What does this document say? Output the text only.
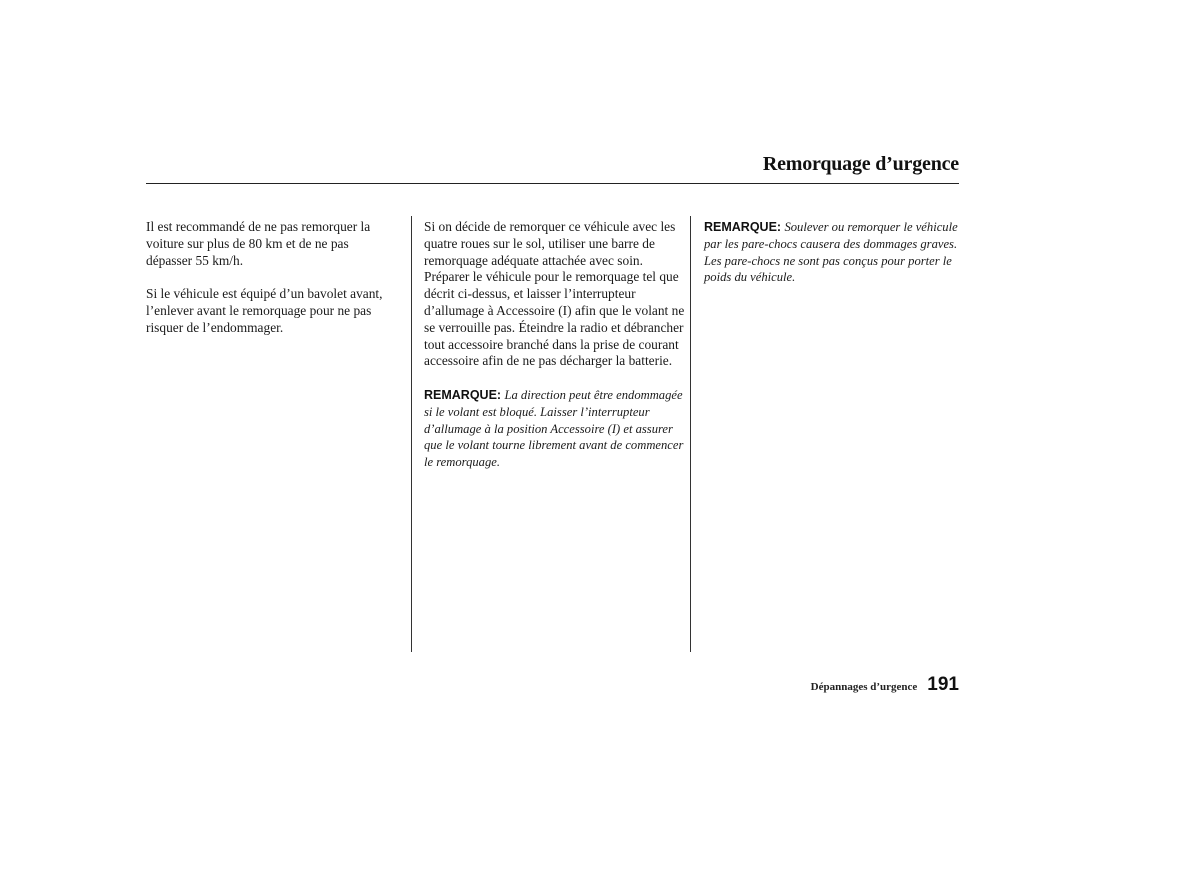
Remorquage d’urgence

Il est recommandé de ne pas remorquer la voiture sur plus de 80 km et de ne pas dépasser 55 km/h.

Si le véhicule est équipé d’un bavolet avant, l’enlever avant le remorquage pour ne pas risquer de l’endommager.

Si on décide de remorquer ce véhicule avec les quatre roues sur le sol, utiliser une barre de remorquage adéquate attachée avec soin. Préparer le véhicule pour le remorquage tel que décrit ci-dessus, et laisser l’interrupteur d’allumage à Accessoire (I) afin que le volant ne se verrouille pas. Éteindre la radio et débrancher tout accessoire branché dans la prise de courant accessoire afin de ne pas décharger la batterie.

REMARQUE: La direction peut être endommagée si le volant est bloqué. Laisser l’interrupteur d’allumage à la position Accessoire (I) et assurer que le volant tourne librement avant de commencer le remorquage.

REMARQUE: Soulever ou remorquer le véhicule par les pare-chocs causera des dommages graves. Les pare-chocs ne sont pas conçus pour porter le poids du véhicule.

Dépannages d’urgence 191
